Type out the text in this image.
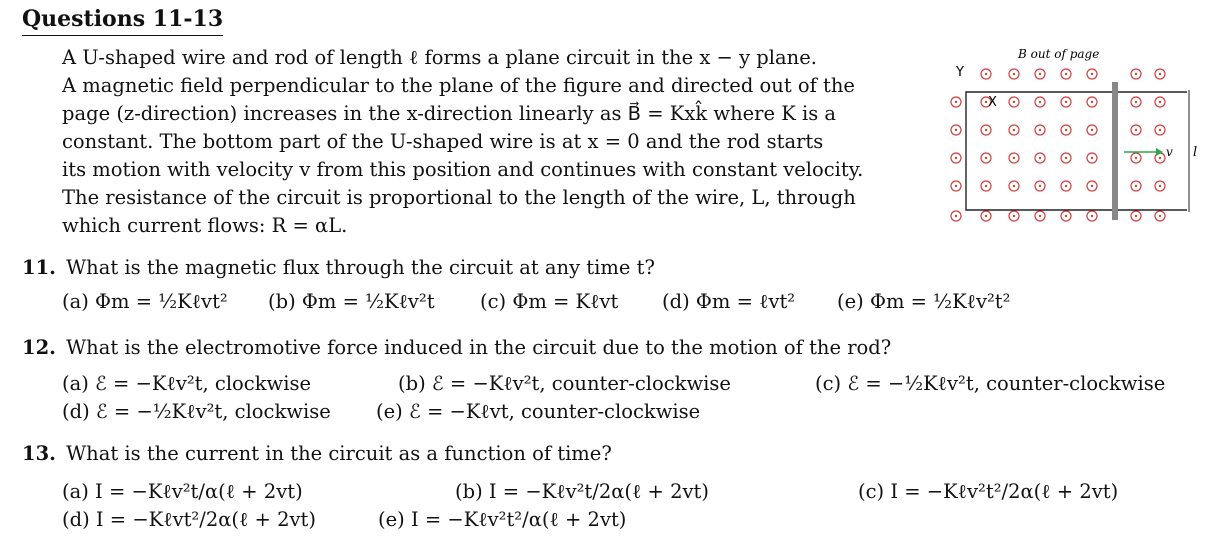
Questions 11-13

A U-shaped wire and rod of length ℓ forms a plane circuit in the x − y plane.

A magnetic field perpendicular to the plane of the figure and directed out of the

page (z-direction) increases in the x-direction linearly as B⃗ = Kxk̂ where K is a

constant. The bottom part of the U-shaped wire is at x = 0 and the rod starts

its motion with velocity v from this position and continues with constant velocity.

The resistance of the circuit is proportional to the length of the wire, L, through

which current flows: R = αL.

B out of page
Y
X
v l
11. What is the magnetic flux through the circuit at any time t?
(a) Φm = ½Kℓvt² (b) Φm = ½Kℓv²t (c) Φm = Kℓvt (d) Φm = ℓvt² (e) Φm = ½Kℓv²t²
12. What is the electromotive force induced in the circuit due to the motion of the rod?
(a) ℰ = −Kℓv²t, clockwise	(b) ℰ = −Kℓv²t, counter-clockwise	(c) ℰ = −½Kℓv²t, counter-clockwise
(d) ℰ = −½Kℓv²t, clockwise (e) ℰ = −Kℓvt, counter-clockwise
13. What is the current in the circuit as a function of time?
(a) I = −Kℓv²t/α(ℓ + 2vt)	(b) I = −Kℓv²t/2α(ℓ + 2vt)	(c) I = −Kℓv²t²/2α(ℓ + 2vt)
(d) I = −Kℓvt²/2α(ℓ + 2vt)	(e) I = −Kℓv²t²/α(ℓ + 2vt)
